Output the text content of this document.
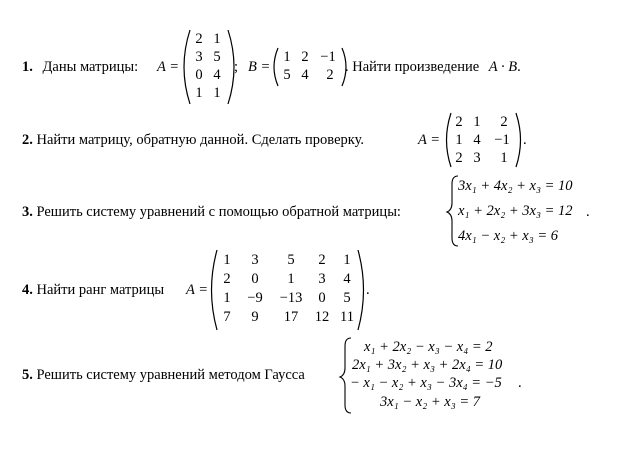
1. Даны матрицы: A =
2 1
3 5
0 4
1 1
; B =
1 2 −1
5 4	2 . Найти произведение A · B.
2. Найти матрицу, обратную данной. Сделать проверку.	A =
2 1	2
1 4 −1
2 3	1
.
3. Решить систему уравнений с помощью обратной матрицы:
3x₁ + 4x₂ + x₃ = 10
x₁ + 2x₂ + 3x₃ = 12
4x₁ − x₂ + x₃ = 6
.
4. Найти ранг матрицы A =
1	3	5	2	1
2	0	1	3	4
1	−9	−13	0	5
7	9	17	12 11
.
5. Решить систему уравнений методом Гаусса
x₁ + 2x₂ − x₃ − x₄ = 2
2x₁ + 3x₂ + x₃ + 2x₄ = 10
− x₁ − x₂ + x₃ − 3x₄ = −5
3x₁ − x₂ + x₃ = 7
.
